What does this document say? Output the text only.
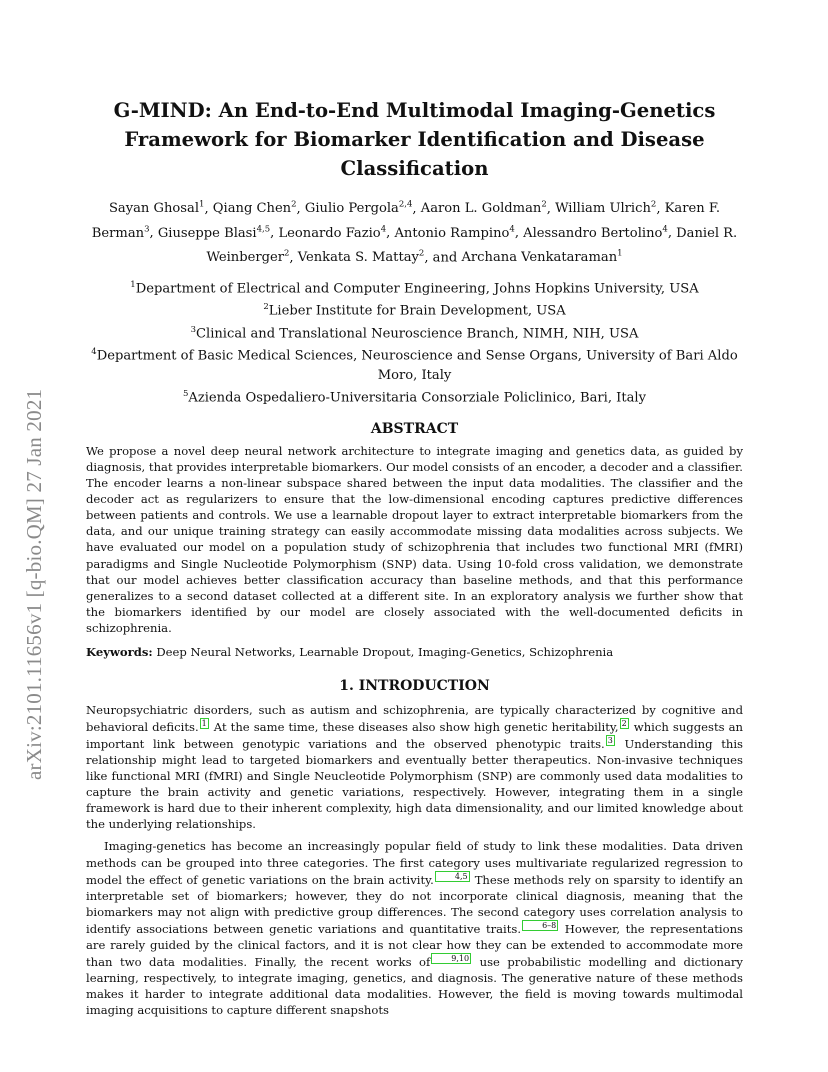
arXiv:2101.11656v1 [q-bio.QM] 27 Jan 2021
G-MIND: An End-to-End Multimodal Imaging-Genetics Framework for Biomarker Identification and Disease Classification
Sayan Ghosal$^1$, Qiang Chen$^2$, Giulio Pergola$^{2,4}$, Aaron L. Goldman$^2$, William Ulrich$^2$, Karen F. Berman$^3$, Giuseppe Blasi$^{4,5}$, Leonardo Fazio$^4$, Antonio Rampino$^4$, Alessandro Bertolino$^4$, Daniel R. Weinberger$^2$, Venkata S. Mattay$^2$, and Archana Venkataraman$^1$
$^1$Department of Electrical and Computer Engineering, Johns Hopkins University, USA
$^2$Lieber Institute for Brain Development, USA
$^3$Clinical and Translational Neuroscience Branch, NIMH, NIH, USA
$^4$Department of Basic Medical Sciences, Neuroscience and Sense Organs, University of Bari Aldo Moro, Italy
$^5$Azienda Ospedaliero-Universitaria Consorziale Policlinico, Bari, Italy
ABSTRACT

We propose a novel deep neural network architecture to integrate imaging and genetics data, as guided by diagnosis, that provides interpretable biomarkers. Our model consists of an encoder, a decoder and a classifier. The encoder learns a non-linear subspace shared between the input data modalities. The classifier and the decoder act as regularizers to ensure that the low-dimensional encoding captures predictive differences between patients and controls. We use a learnable dropout layer to extract interpretable biomarkers from the data, and our unique training strategy can easily accommodate missing data modalities across subjects. We have evaluated our model on a population study of schizophrenia that includes two functional MRI (fMRI) paradigms and Single Nucleotide Polymorphism (SNP) data. Using 10-fold cross validation, we demonstrate that our model achieves better classification accuracy than baseline methods, and that this performance generalizes to a second dataset collected at a different site. In an exploratory analysis we further show that the biomarkers identified by our model are closely associated with the well-documented deficits in schizophrenia.

Keywords: Deep Neural Networks, Learnable Dropout, Imaging-Genetics, Schizophrenia

1. INTRODUCTION

Neuropsychiatric disorders, such as autism and schizophrenia, are typically characterized by cognitive and behavioral deficits. 1 At the same time, these diseases also show high genetic heritability, 2 which suggests an important link between genotypic variations and the observed phenotypic traits. 3 Understanding this relationship might lead to targeted biomarkers and eventually better therapeutics. Non-invasive techniques like functional MRI (fMRI) and Single Neucleotide Polymorphism (SNP) are commonly used data modalities to capture the brain activity and genetic variations, respectively. However, integrating them in a single framework is hard due to their inherent complexity, high data dimensionality, and our limited knowledge about the underlying relationships.

Imaging-genetics has become an increasingly popular field of study to link these modalities. Data driven methods can be grouped into three categories. The first category uses multivariate regularized regression to model the effect of genetic variations on the brain activity.	4,5 These methods rely on sparsity to identify an interpretable set of biomarkers; however, they do not incorporate clinical diagnosis, meaning that the biomarkers may not align with predictive group differences. The second category uses correlation analysis to identify associations between genetic variations and quantitative traits.	6–8 However, the representations are rarely guided by the clinical factors, and it is not clear how they can be extended to accommodate more than two data modalities. Finally, the recent works of	9,10 use probabilistic modelling and dictionary learning, respectively, to integrate imaging, genetics, and diagnosis. The generative nature of these methods makes it harder to integrate additional data modalities. However, the field is moving towards multimodal imaging acquisitions to capture different snapshots
